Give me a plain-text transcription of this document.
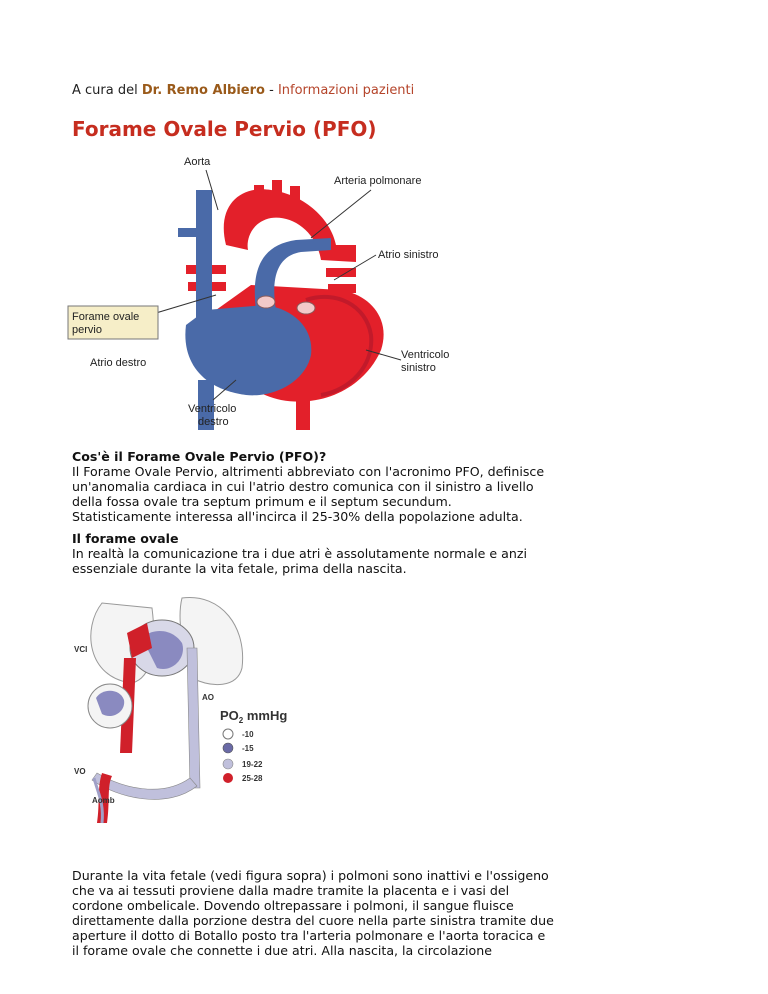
A cura del Dr. Remo Albiero - Informazioni pazienti
Forame Ovale Pervio (PFO)
Aorta
Arteria polmonare
Atrio sinistro
Forame ovale
pervio
Atrio destro
Ventricolo
sinistro
Ventricolo
destro
Cos'è il Forame Ovale Pervio (PFO)?

Il Forame Ovale Pervio, altrimenti abbreviato con l'acronimo PFO, definisce

un'anomalia cardiaca in cui l'atrio destro comunica con il sinistro a livello

della fossa ovale tra septum primum e il septum secundum.

Statisticamente interessa all'incirca il 25-30% della popolazione adulta.

Il forame ovale

In realtà la comunicazione tra i due atri è assolutamente normale e anzi

essenziale durante la vita fetale, prima della nascita.

VCI
AO
VO
Aomb
$PO_2$ mmHg
-10
-15
19-22
25-28

Durante la vita fetale (vedi figura sopra) i polmoni sono inattivi e l'ossigeno

che va ai tessuti proviene dalla madre tramite la placenta e i vasi del

cordone ombelicale. Dovendo oltrepassare i polmoni, il sangue fluisce

direttamente dalla porzione destra del cuore nella parte sinistra tramite due

aperture il dotto di Botallo posto tra l'arteria polmonare e l'aorta toracica e

il forame ovale che connette i due atri. Alla nascita, la circolazione
